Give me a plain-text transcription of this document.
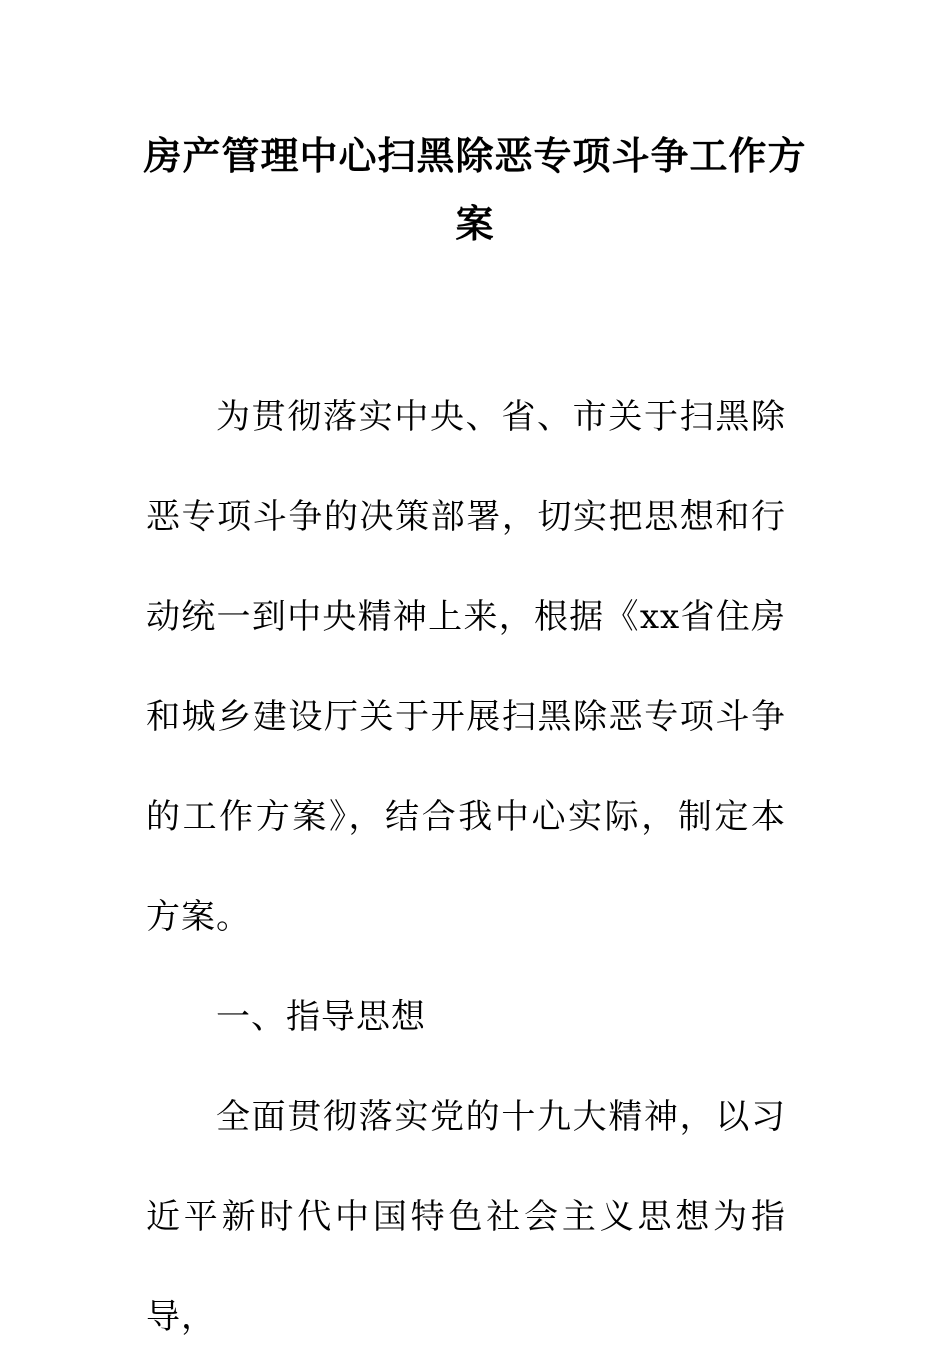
房产管理中心扫黑除恶专项斗争工作方案

为贯彻落实中央、省、市关于扫黑除恶专项斗争的决策部署，切实把思想和行动统一到中央精神上来，根据《xx省住房和城乡建设厅关于开展扫黑除恶专项斗争的工作方案》，结合我中心实际，制定本方案。

一、指导思想

全面贯彻落实党的十九大精神，以习近平新时代中国特色社会主义思想为指导，
